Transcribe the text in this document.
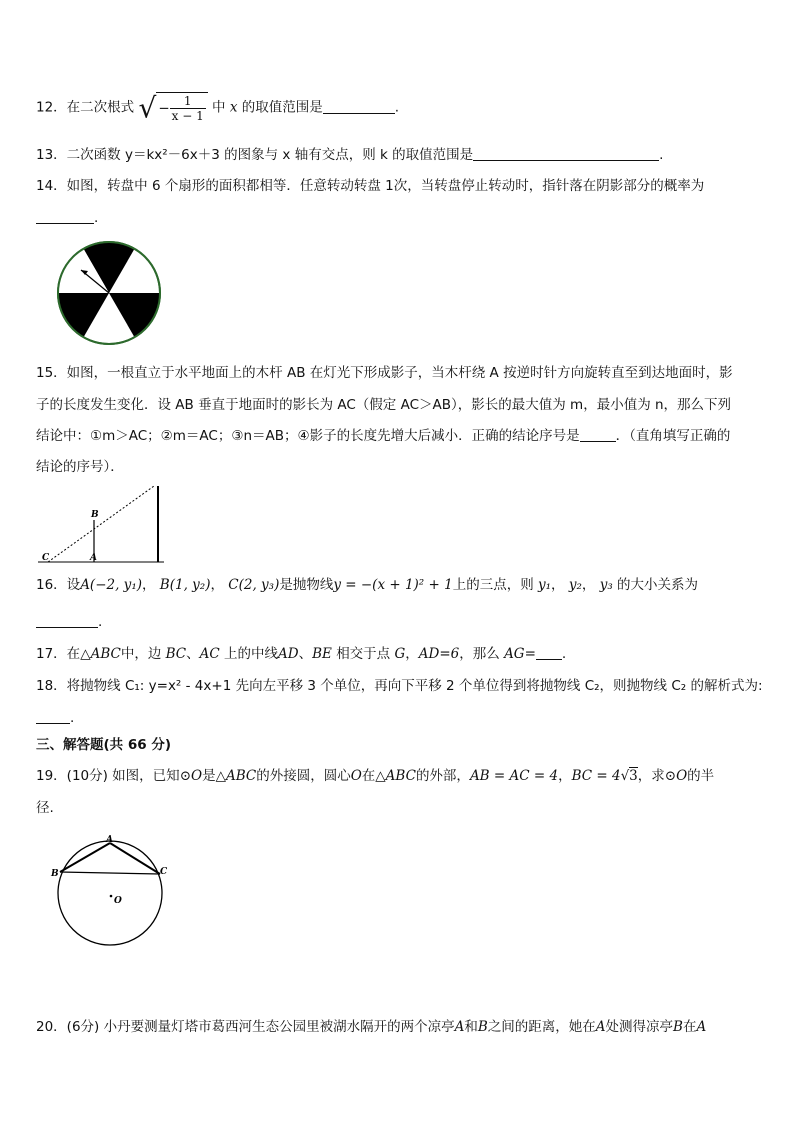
12．在二次根式 √ − $\frac{1}{x - 1}$ 中 x 的取值范围是	.
13．二次函数 y＝kx²－6x＋3 的图象与 x 轴有交点，则 k 的取值范围是	.
14．如图，转盘中 6 个扇形的面积都相等．任意转动转盘 1次，当转盘停止转动时，指针落在阴影部分的概率为
.
15．如图，一根直立于水平地面上的木杆 AB 在灯光下形成影子，当木杆绕 A 按逆时针方向旋转直至到达地面时，影
子的长度发生变化．设 AB 垂直于地面时的影长为 AC（假定 AC＞AB），影长的最大值为 m，最小值为 n，那么下列
结论中：①m＞AC；②m＝AC；③n＝AB；④影子的长度先增大后减小．正确的结论序号是	．（直角填写正确的
结论的序号）．
B
C	A
16．设A(−2, y₁)， B(1, y₂)， C(2, y₃)是抛物线y = −(x + 1)² + 1上的三点，则 y₁， y₂， y₃ 的大小关系为
.
17．在△ABC中，边 BC、AC 上的中线AD、BE 相交于点 G，AD=6，那么 AG= .
18．将抛物线 C₁: y=x² - 4x+1 先向左平移 3 个单位，再向下平移 2 个单位得到将抛物线 C₂，则抛物线 C₂ 的解析式为:
.
三、解答题(共 66 分)
19．(10分) 如图，已知⊙O是△ABC的外接圆，圆心O在△ABC的外部，AB = AC = 4，BC = 4√3，求⊙O的半
径.
A
B	C
O
20．(6分) 小丹要测量灯塔市葛西河生态公园里被湖水隔开的两个凉亭A和B之间的距离，她在A处测得凉亭B在A
